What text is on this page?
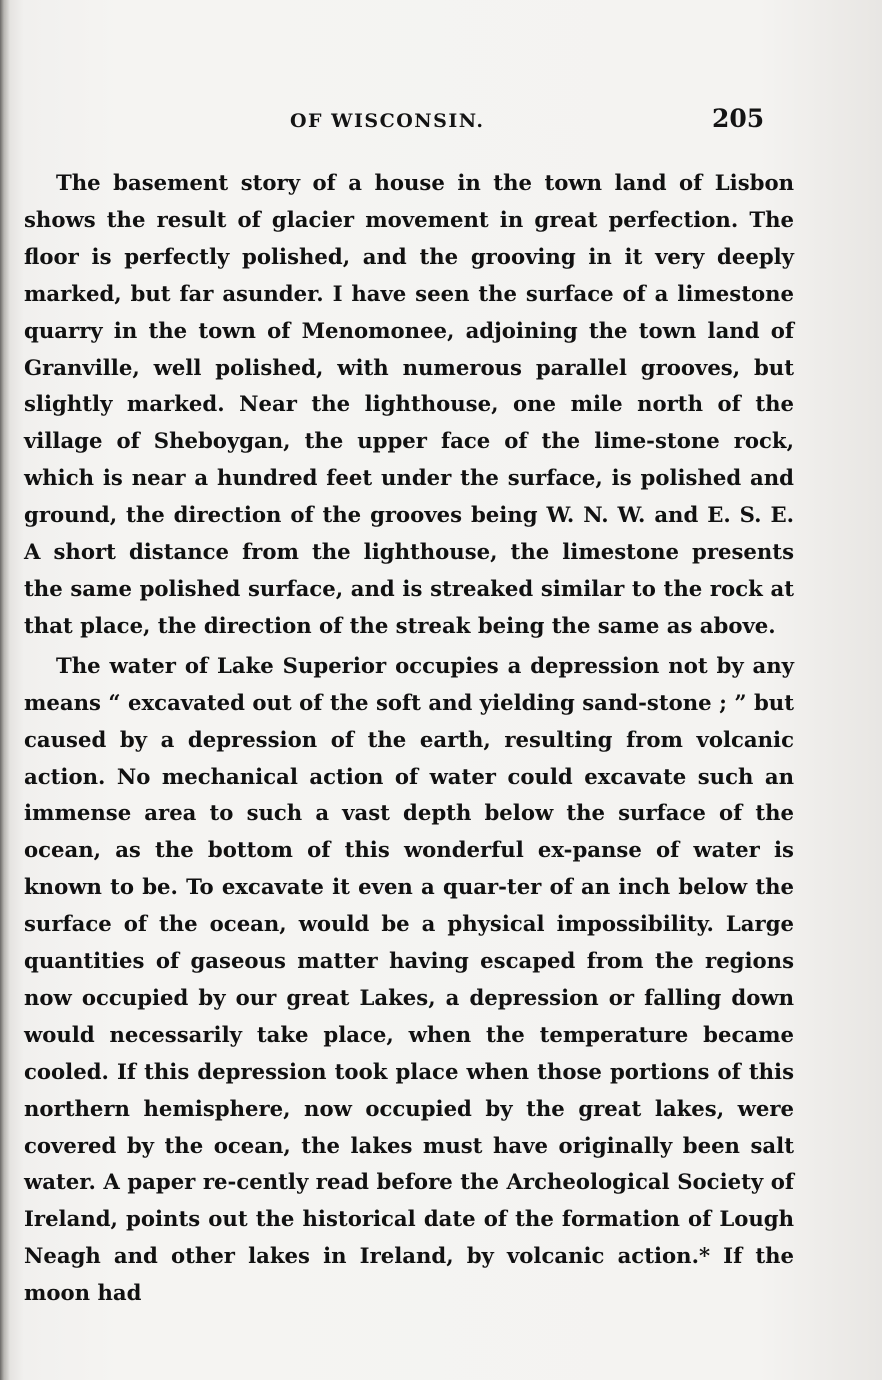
OF WISCONSIN.	205

The basement story of a house in the town land of Lisbon shows the result of glacier movement in great perfection. The floor is perfectly polished, and the grooving in it very deeply marked, but far asunder. I have seen the surface of a limestone quarry in the town of Menomonee, adjoining the town land of Granville, well polished, with numerous parallel grooves, but slightly marked. Near the lighthouse, one mile north of the village of Sheboygan, the upper face of the lime-stone rock, which is near a hundred feet under the surface, is polished and ground, the direction of the grooves being W. N. W. and E. S. E. A short distance from the lighthouse, the limestone presents the same polished surface, and is streaked similar to the rock at that place, the direction of the streak being the same as above.

The water of Lake Superior occupies a depression not by any means “ excavated out of the soft and yielding sand-stone ; ” but caused by a depression of the earth, resulting from volcanic action. No mechanical action of water could excavate such an immense area to such a vast depth below the surface of the ocean, as the bottom of this wonderful ex-panse of water is known to be. To excavate it even a quar-ter of an inch below the surface of the ocean, would be a physical impossibility. Large quantities of gaseous matter having escaped from the regions now occupied by our great Lakes, a depression or falling down would necessarily take place, when the temperature became cooled. If this depression took place when those portions of this northern hemisphere, now occupied by the great lakes, were covered by the ocean, the lakes must have originally been salt water. A paper re-cently read before the Archeological Society of Ireland, points out the historical date of the formation of Lough Neagh and other lakes in Ireland, by volcanic action.* If the moon had
